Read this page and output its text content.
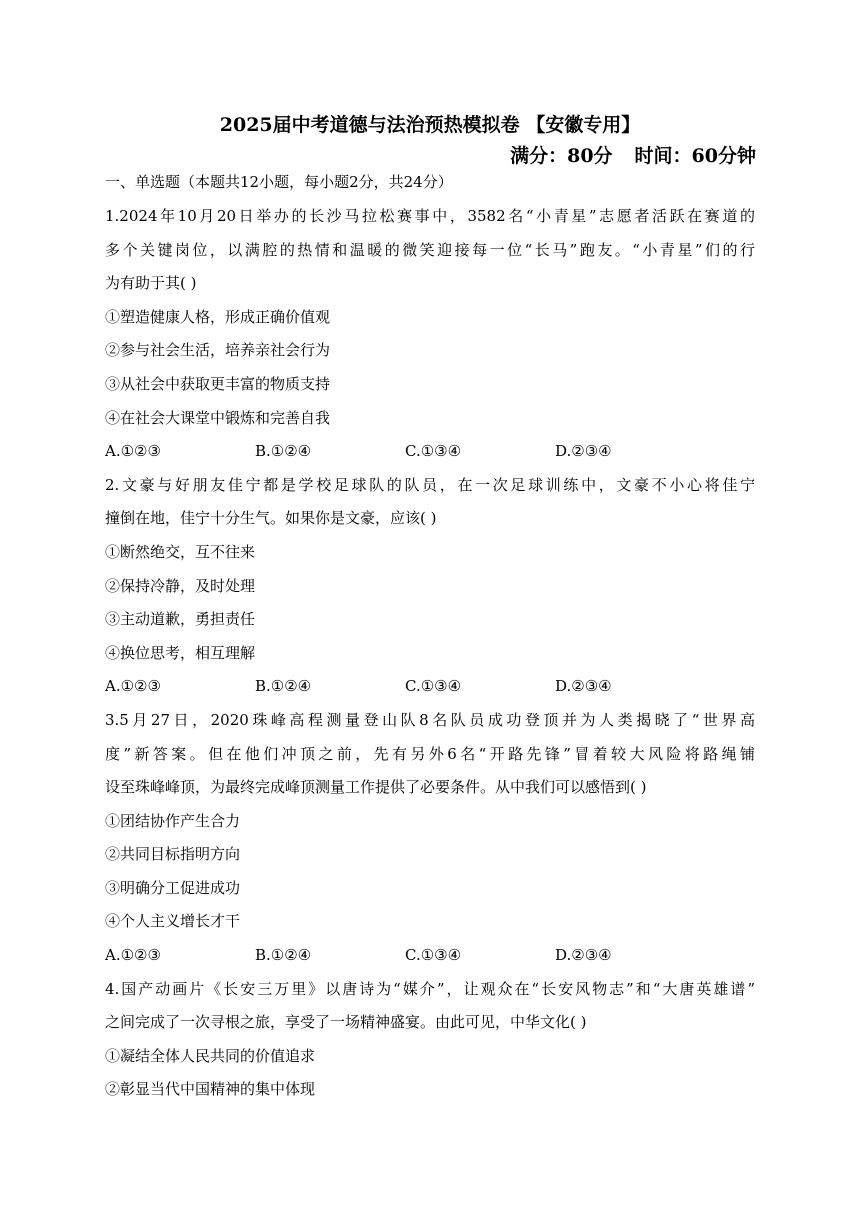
2025届中考道德与法治预热模拟卷 【安徽专用】
满分：80分 时间：60分钟
一、单选题（本题共12小题，每小题2分，共24分）
1.2024年10月20日举办的长沙马拉松赛事中，3582名“小青星”志愿者活跃在赛道的
多个关键岗位，以满腔的热情和温暖的微笑迎接每一位“长马”跑友。“小青星”们的行
为有助于其( )
①塑造健康人格，形成正确价值观
②参与社会生活，培养亲社会行为
③从社会中获取更丰富的物质支持
④在社会大课堂中锻炼和完善自我
A.①②③	B.①②④	C.①③④	D.②③④
2.文豪与好朋友佳宁都是学校足球队的队员，在一次足球训练中，文豪不小心将佳宁
撞倒在地，佳宁十分生气。如果你是文豪，应该( )
①断然绝交，互不往来
②保持冷静，及时处理
③主动道歉，勇担责任
④换位思考，相互理解
A.①②③	B.①②④	C.①③④	D.②③④
3.5月27日，2020珠峰高程测量登山队8名队员成功登顶并为人类揭晓了“世界高
度”新答案。但在他们冲顶之前，先有另外6名“开路先锋”冒着较大风险将路绳铺
设至珠峰峰顶，为最终完成峰顶测量工作提供了必要条件。从中我们可以感悟到( )
①团结协作产生合力
②共同目标指明方向
③明确分工促进成功
④个人主义增长才干
A.①②③	B.①②④	C.①③④	D.②③④
4.国产动画片《长安三万里》以唐诗为“媒介”，让观众在“长安风物志”和“大唐英雄谱”
之间完成了一次寻根之旅，享受了一场精神盛宴。由此可见，中华文化( )
①凝结全体人民共同的价值追求
②彰显当代中国精神的集中体现
